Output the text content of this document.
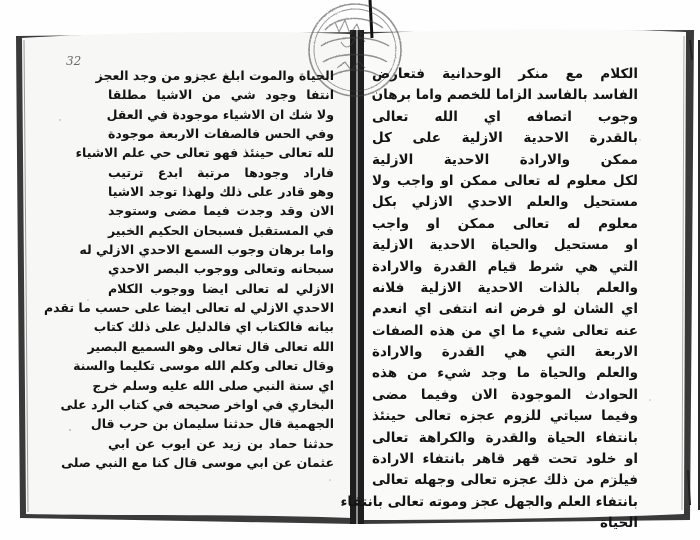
32
الحياة والموت ابلغ عجزو من وجد العجز
انتفا وجود شي من الاشيا مطلقا
ولا شك ان الاشياء موجودة في العقل
وفي الحس فالصفات الاربعة موجودة
لله تعالى حينئذ فهو تعالى حي علم الاشياء
فاراد وجودها مرتبة ابدع ترتيب
وهو قادر على ذلك ولهذا توجد الاشيا
الان وقد وجدت فيما مضى وستوجد
في المستقبل فسبحان الحكيم الخبير
واما برهان وجوب السمع الاحدي الازلي له
سبحانه وتعالى ووجوب البصر الاحدي
الازلي له تعالى ايضا ووجوب الكلام
الاحدي الازلي له تعالى ايضا على حسب ما تقدم
بيانه فالكتاب اي فالدليل على ذلك كتاب
الله تعالى قال تعالى وهو السميع البصير
وقال تعالى وكلم الله موسى تكليما والسنة
اي سنة النبي صلى الله عليه وسلم خرج
البخاري في اواخر صحيحه في كتاب الرد على
الجهمية قال حدثنا سليمان بن حرب قال
حدثنا حماد بن زيد عن ايوب عن ابي
عثمان عن ابي موسى قال كنا مع النبي صلى
الكلام مع منكر الوحدانية فتعارض
الفاسد بالفاسد الزاما للخصم واما برهان
وجوب اتصافه اي الله تعالى
بالقدرة الاحدية الازلية على كل
ممكن والارادة الاحدية الازلية
لكل معلوم له تعالى ممكن او واجب ولا
مستحيل والعلم الاحدي الازلي بكل
معلوم له تعالى ممكن او واجب
او مستحيل والحياة الاحدية الازلية
التي هي شرط قيام القدرة والارادة
والعلم بالذات الاحدية الازلية فلانه
اي الشان لو فرض انه انتفى اي انعدم
عنه تعالى شيء ما اي من هذه الصفات
الاربعة التي هي القدرة والارادة
والعلم والحياة ما وجد شيء من هذه
الحوادث الموجودة الان وفيما مضى
وفيما سياتي للزوم عجزه تعالى حينئذ
بانتفاء الحياة والقدرة والكراهة تعالى
او خلود تحت قهر قاهر بانتفاء الارادة
فيلزم من ذلك عجزه تعالى وجهله تعالى
بانتفاء العلم والجهل عجز وموته تعالى بانتفاء
الحياة
